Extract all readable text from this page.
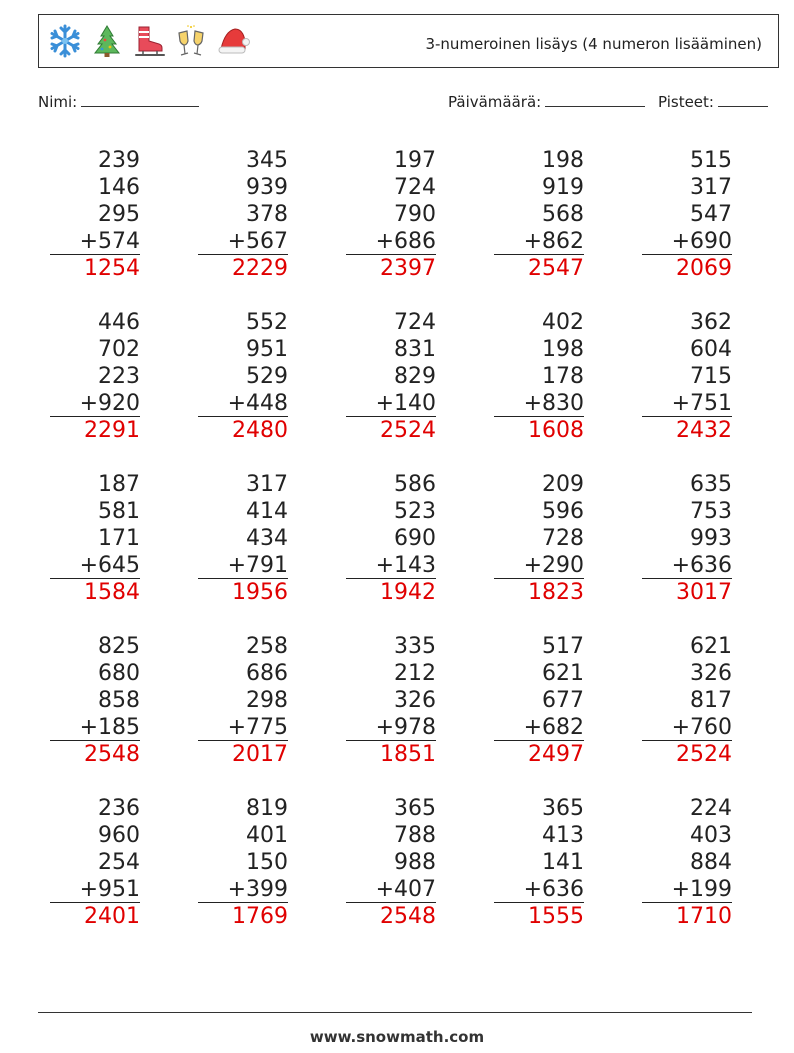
3-numeroinen lisäys (4 numeron lisääminen)
Nimi:	Päivämäärä:	Pisteet:
239
146
295
+574
1254
345
939
378
+567
2229
197
724
790
+686
2397
198
919
568
+862
2547
515
317
547
+690
2069
446
702
223
+920
2291
552
951
529
+448
2480
724
831
829
+140
2524
402
198
178
+830
1608
362
604
715
+751
2432
187
581
171
+645
1584
317
414
434
+791
1956
586
523
690
+143
1942
209
596
728
+290
1823
635
753
993
+636
3017
825
680
858
+185
2548
258
686
298
+775
2017
335
212
326
+978
1851
517
621
677
+682
2497
621
326
817
+760
2524
236
960
254
+951
2401
819
401
150
+399
1769
365
788
988
+407
2548
365
413
141
+636
1555
224
403
884
+199
1710
www.snowmath.com
